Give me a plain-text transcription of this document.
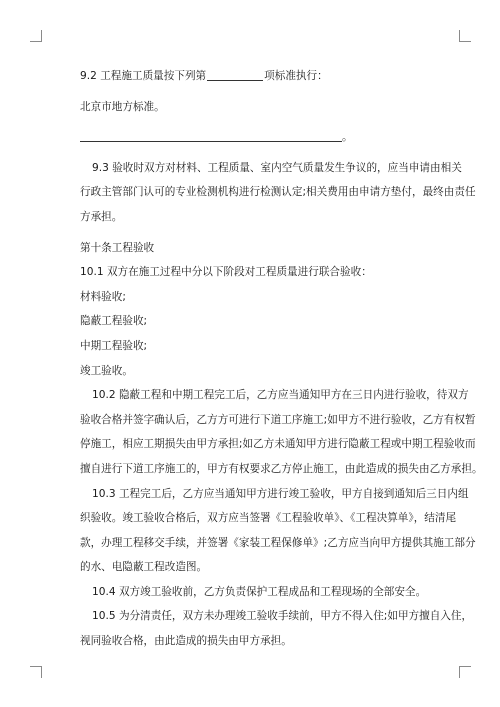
9.2 工程施工质量按下列第	项标准执行：
北京市地方标准。
。
9.3 验收时双方对材料、工程质量、室内空气质量发生争议的，应当申请由相关
行政主管部门认可的专业检测机构进行检测认定;相关费用由申请方垫付，最终由责任
方承担。
第十条工程验收
10.1 双方在施工过程中分以下阶段对工程质量进行联合验收：
材料验收;
隐蔽工程验收;
中期工程验收;
竣工验收。
10.2 隐蔽工程和中期工程完工后，乙方应当通知甲方在三日内进行验收，待双方
验收合格并签字确认后，乙方方可进行下道工序施工;如甲方不进行验收，乙方有权暂
停施工，相应工期损失由甲方承担;如乙方未通知甲方进行隐蔽工程或中期工程验收而
擅自进行下道工序施工的，甲方有权要求乙方停止施工，由此造成的损失由乙方承担。
10.3 工程完工后，乙方应当通知甲方进行竣工验收，甲方自接到通知后三日内组
织验收。竣工验收合格后，双方应当签署《工程验收单》、《工程决算单》，结清尾
款，办理工程移交手续，并签署《家装工程保修单》;乙方应当向甲方提供其施工部分
的水、电隐蔽工程改造图。
10.4 双方竣工验收前，乙方负责保护工程成品和工程现场的全部安全。
10.5 为分清责任，双方未办理竣工验收手续前，甲方不得入住;如甲方擅自入住，
视同验收合格，由此造成的损失由甲方承担。
